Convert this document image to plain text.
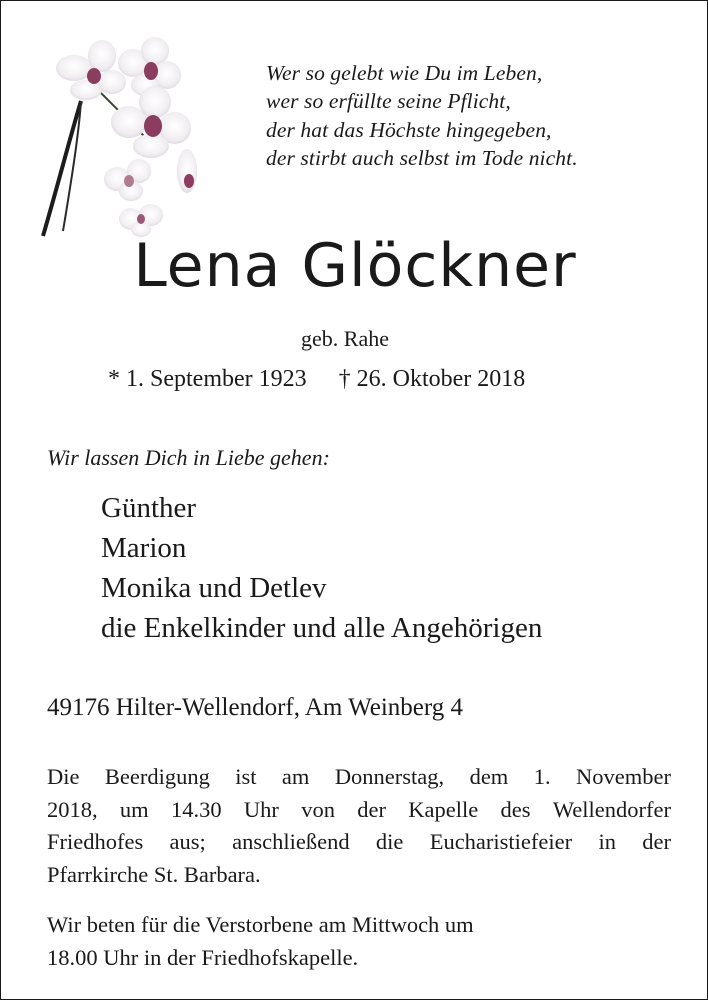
Wer so gelebt wie Du im Leben,
wer so erfüllte seine Pflicht,
der hat das Höchste hingegeben,
der stirbt auch selbst im Tode nicht.
Lena Glöckner
geb. Rahe
* 1. September 1923 † 26. Oktober 2018
Wir lassen Dich in Liebe gehen:
Günther
Marion
Monika und Detlev
die Enkelkinder und alle Angehörigen
49176 Hilter-Wellendorf, Am Weinberg 4
Die Beerdigung ist am Donnerstag, dem 1. November
2018, um 14.30 Uhr von der Kapelle des Wellendorfer
Friedhofes aus; anschließend die Eucharistiefeier in der
Pfarrkirche St. Barbara.
Wir beten für die Verstorbene am Mittwoch um
18.00 Uhr in der Friedhofskapelle.
